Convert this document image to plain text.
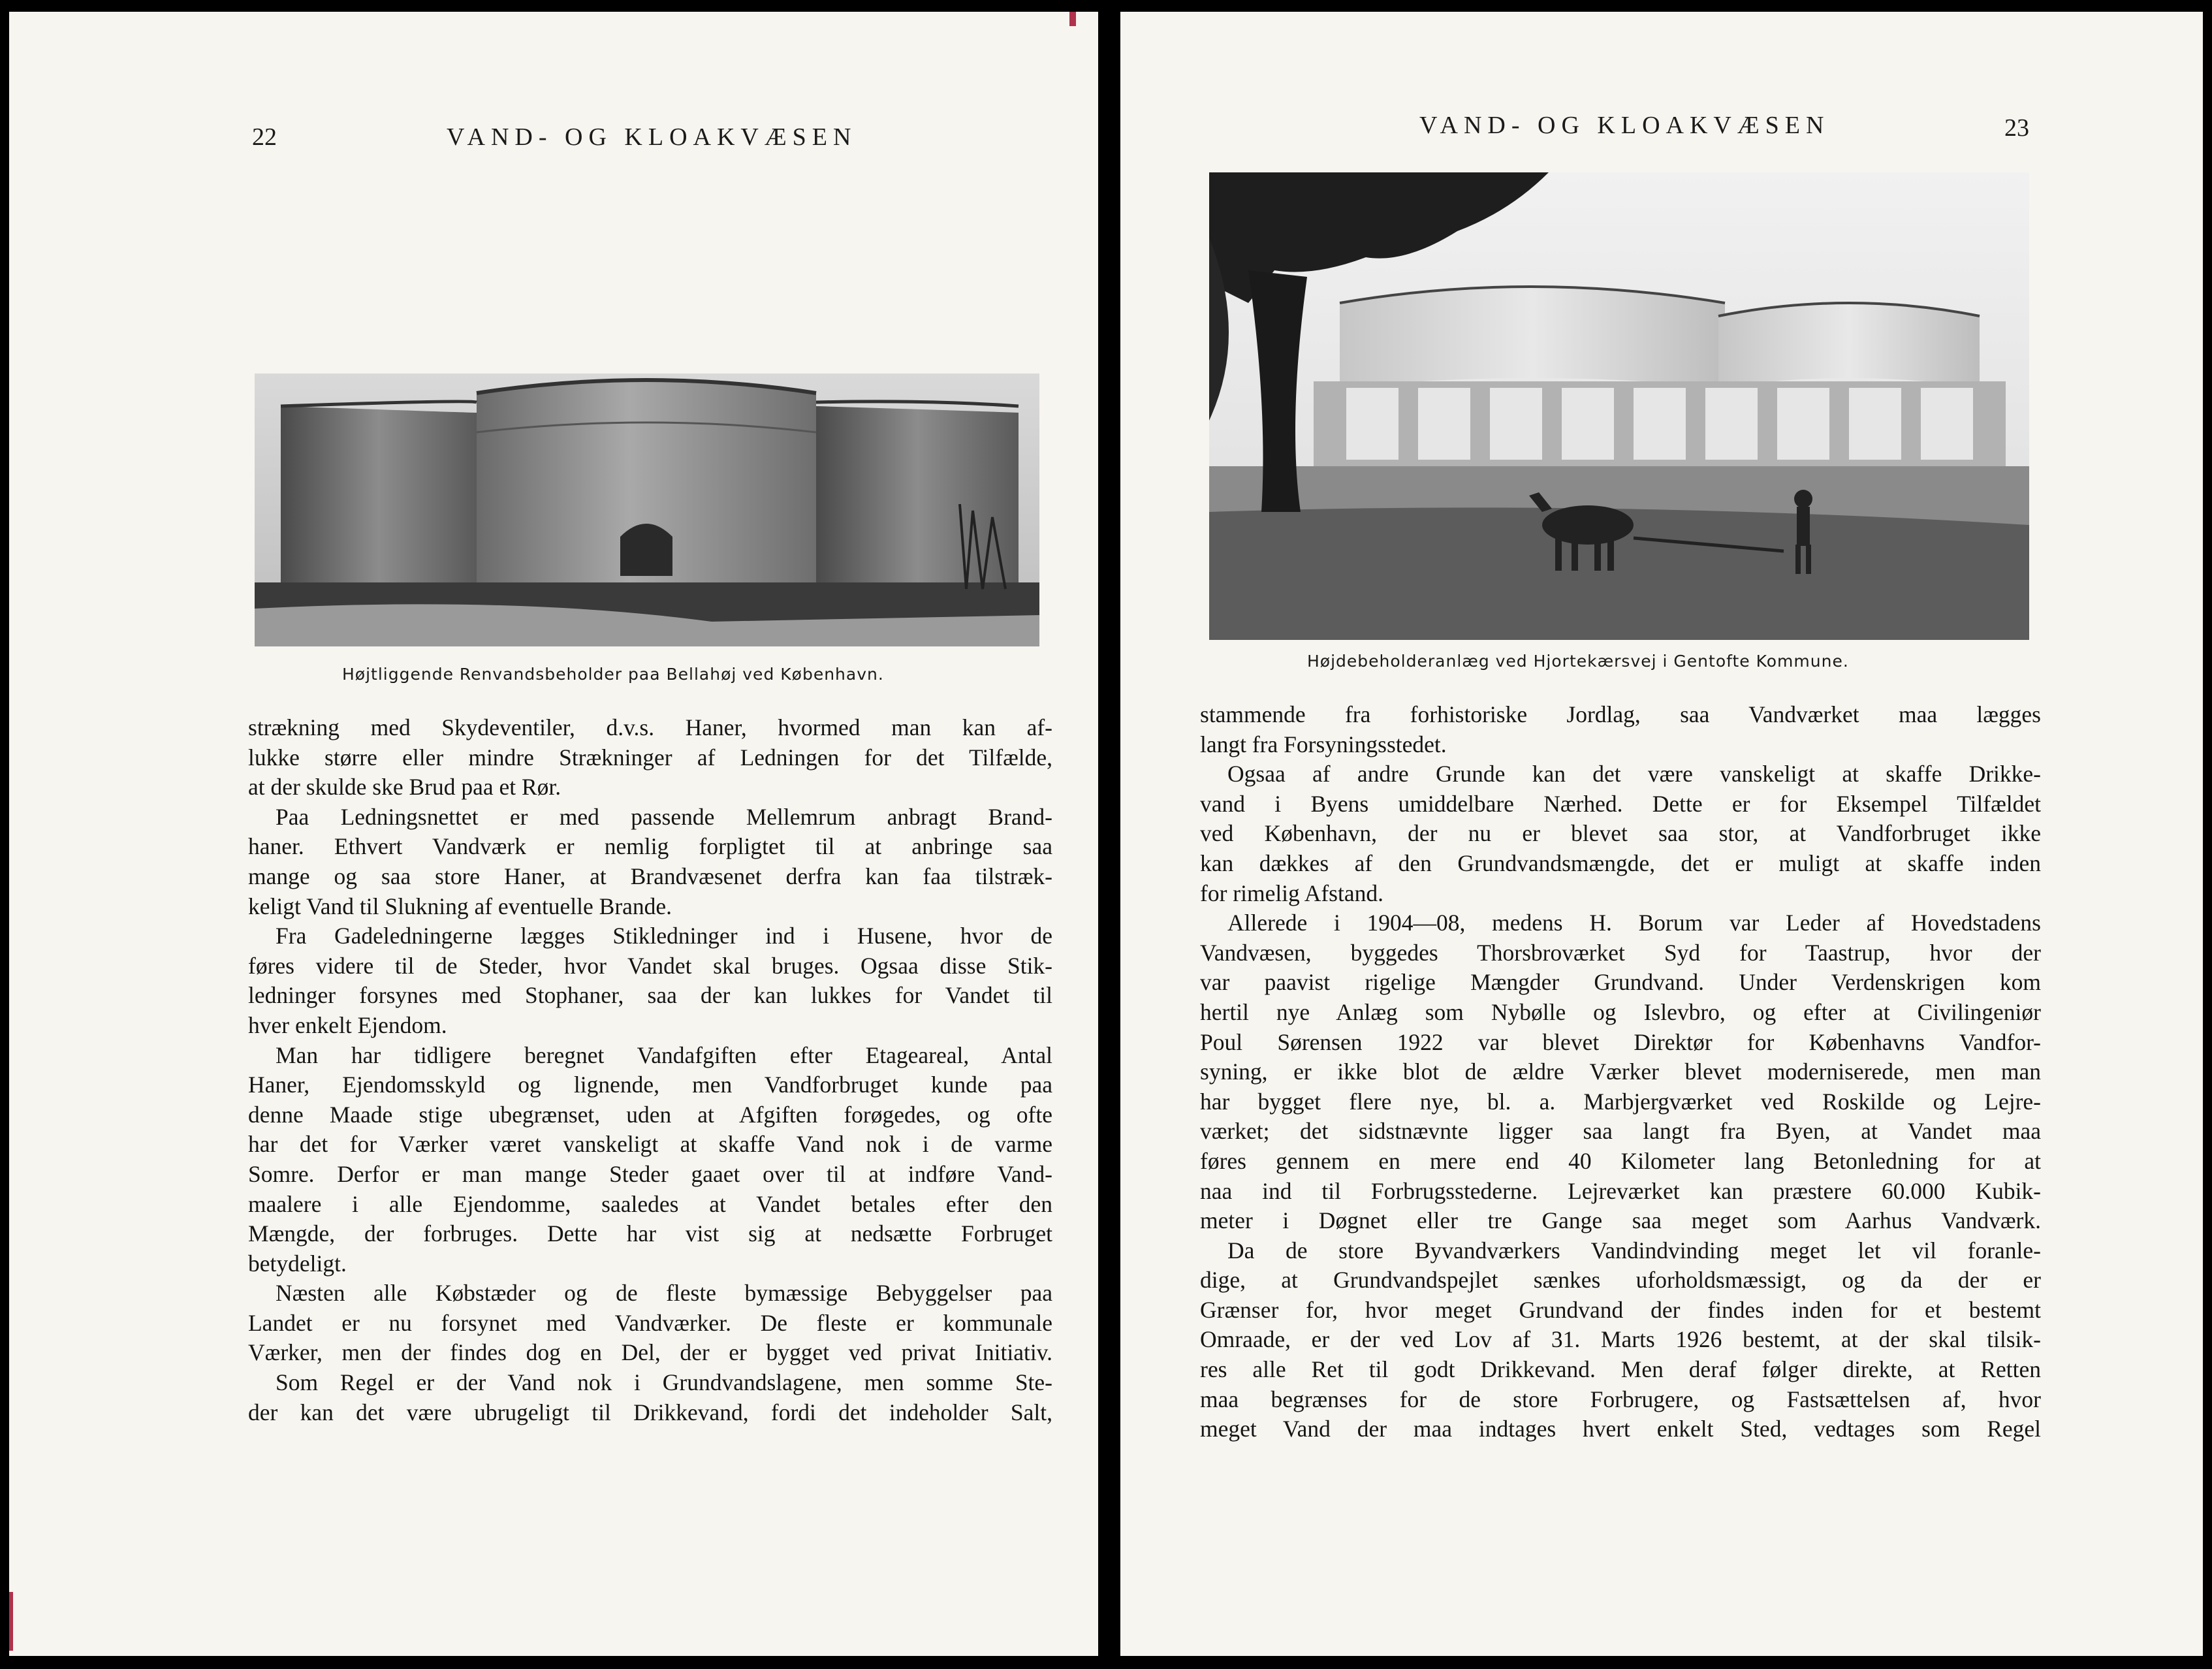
22	VAND- OG KLOAKVÆSEN
Højtliggende Renvandsbeholder paa Bellahøj ved København.
strækning med Skydeventiler, d.v.s. Haner, hvormed man kan af-
lukke større eller mindre Strækninger af Ledningen for det Tilfælde,
at der skulde ske Brud paa et Rør.
Paa Ledningsnettet er med passende Mellemrum anbragt Brand-
haner. Ethvert Vandværk er nemlig forpligtet til at anbringe saa
mange og saa store Haner, at Brandvæsenet derfra kan faa tilstræk-
keligt Vand til Slukning af eventuelle Brande.
Fra Gadeledningerne lægges Stikledninger ind i Husene, hvor de
føres videre til de Steder, hvor Vandet skal bruges. Ogsaa disse Stik-
ledninger forsynes med Stophaner, saa der kan lukkes for Vandet til
hver enkelt Ejendom.
Man har tidligere beregnet Vandafgiften efter Etageareal, Antal
Haner, Ejendomsskyld og lignende, men Vandforbruget kunde paa
denne Maade stige ubegrænset, uden at Afgiften forøgedes, og ofte
har det for Værker været vanskeligt at skaffe Vand nok i de varme
Somre. Derfor er man mange Steder gaaet over til at indføre Vand-
maalere i alle Ejendomme, saaledes at Vandet betales efter den
Mængde, der forbruges. Dette har vist sig at nedsætte Forbruget
betydeligt.
Næsten alle Købstæder og de fleste bymæssige Bebyggelser paa
Landet er nu forsynet med Vandværker. De fleste er kommunale
Værker, men der findes dog en Del, der er bygget ved privat Initiativ.
Som Regel er der Vand nok i Grundvandslagene, men somme Ste-
der kan det være ubrugeligt til Drikkevand, fordi det indeholder Salt,
VAND- OG KLOAKVÆSEN	23
Højdebeholderanlæg ved Hjortekærsvej i Gentofte Kommune.
stammende fra forhistoriske Jordlag, saa Vandværket maa lægges
langt fra Forsyningsstedet.
Ogsaa af andre Grunde kan det være vanskeligt at skaffe Drikke-
vand i Byens umiddelbare Nærhed. Dette er for Eksempel Tilfældet
ved København, der nu er blevet saa stor, at Vandforbruget ikke
kan dækkes af den Grundvandsmængde, det er muligt at skaffe inden
for rimelig Afstand.
Allerede i 1904—08, medens H. Borum var Leder af Hovedstadens
Vandvæsen, byggedes Thorsbroværket Syd for Taastrup, hvor der
var paavist rigelige Mængder Grundvand. Under Verdenskrigen kom
hertil nye Anlæg som Nybølle og Islevbro, og efter at Civilingeniør
Poul Sørensen 1922 var blevet Direktør for Københavns Vandfor-
syning, er ikke blot de ældre Værker blevet moderniserede, men man
har bygget flere nye, bl. a. Marbjergværket ved Roskilde og Lejre-
værket; det sidstnævnte ligger saa langt fra Byen, at Vandet maa
føres gennem en mere end 40 Kilometer lang Betonledning for at
naa ind til Forbrugsstederne. Lejreværket kan præstere 60.000 Kubik-
meter i Døgnet eller tre Gange saa meget som Aarhus Vandværk.
Da de store Byvandværkers Vandindvinding meget let vil foranle-
dige, at Grundvandspejlet sænkes uforholdsmæssigt, og da der er
Grænser for, hvor meget Grundvand der findes inden for et bestemt
Omraade, er der ved Lov af 31. Marts 1926 bestemt, at der skal tilsik-
res alle Ret til godt Drikkevand. Men deraf følger direkte, at Retten
maa begrænses for de store Forbrugere, og Fastsættelsen af, hvor
meget Vand der maa indtages hvert enkelt Sted, vedtages som Regel
